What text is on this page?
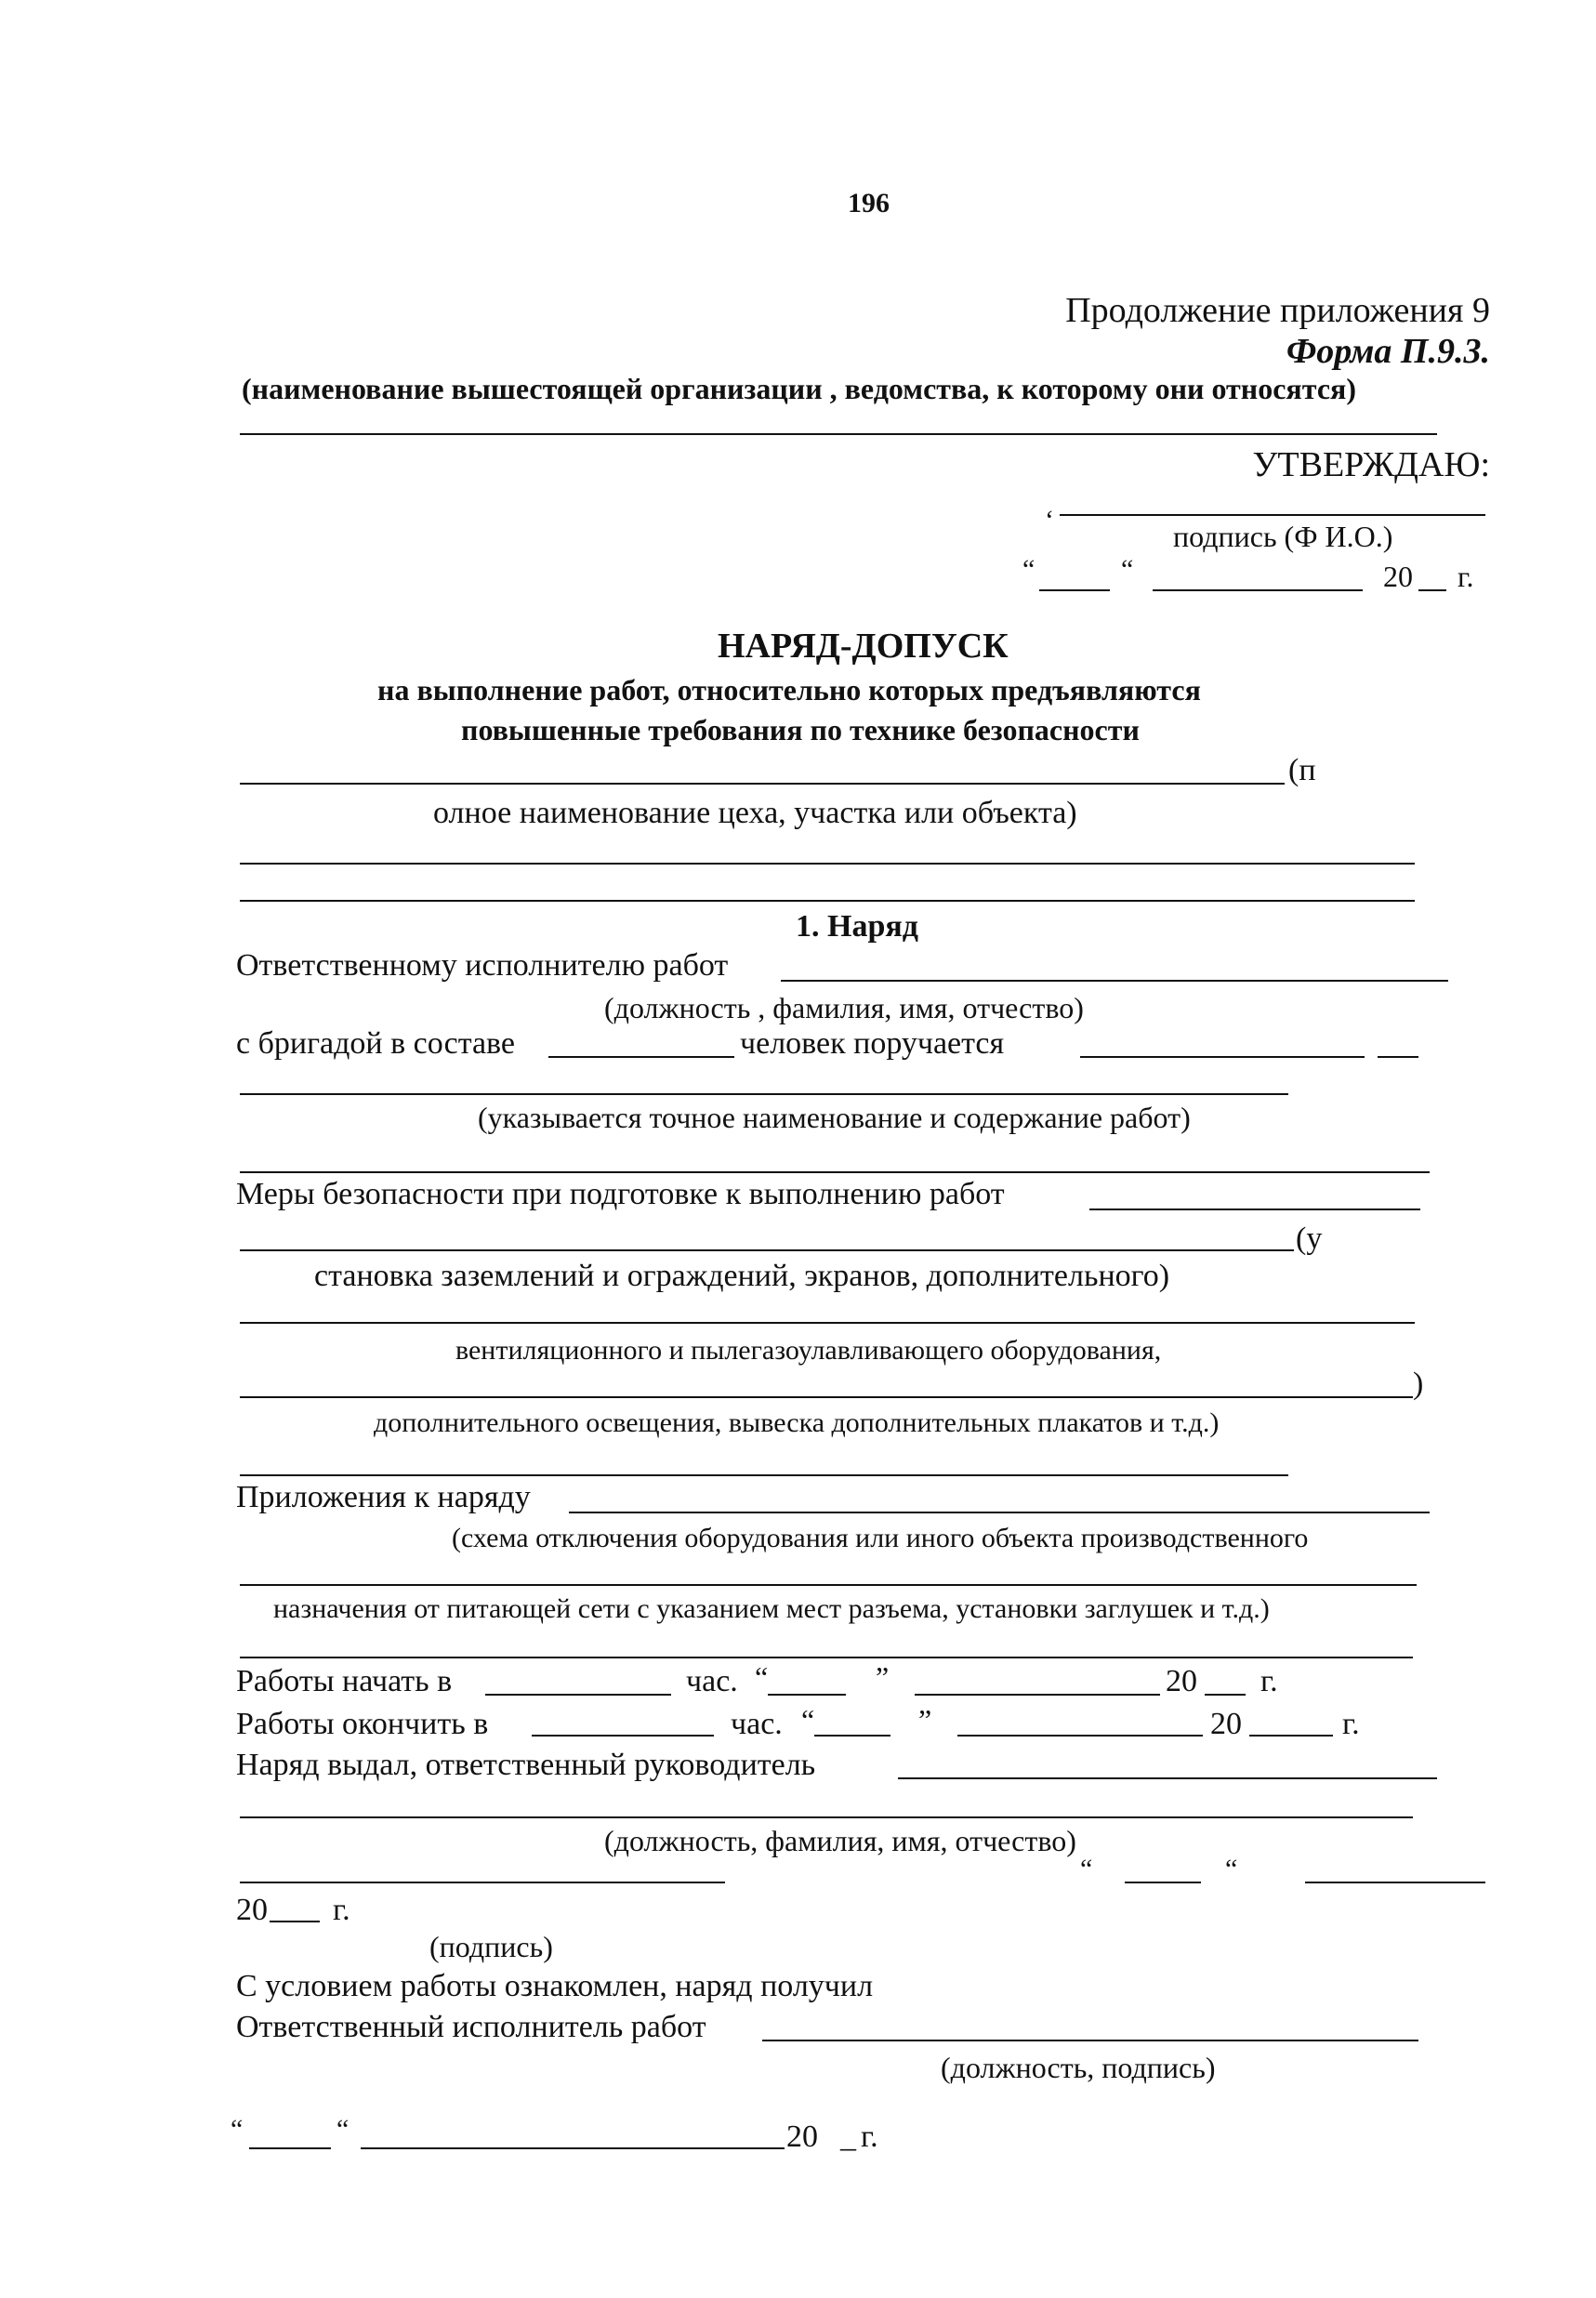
196
Продолжение приложения 9
Форма П.9.3.
(наименование вышестоящей организации , ведомства, к которому они относятся)
УТВЕРЖДАЮ:
‘	подпись (Ф И.О.)
“	“	20 г.
НАРЯД-ДОПУСК
на выполнение работ, относительно которых предъявляются
повышенные требования по технике безопасности
(п
олное наименование цеха, участка или объекта)
1. Наряд
Ответственному исполнителю работ
(должность , фамилия, имя, отчество)
с бригадой в составе	человек поручается
(указывается точное наименование и содержание работ)
Меры безопасности при подготовке к выполнению работ
(у
становка заземлений и ограждений, экранов, дополнительного)
вентиляционного и пылегазоулавливающего оборудования,
)
дополнительного освещения, вывеска дополнительных плакатов и т.д.)
Приложения к наряду
(схема отключения оборудования или иного объекта производственного
назначения от питающей сети с указанием мест разъема, установки заглушек и т.д.)
Работы начать в	час. “	”	20 г.
Работы окончить в	час. “	”	20	г.
Наряд выдал, ответственный руководитель
(должность, фамилия, имя, отчество)
“	“
20 г.
(подпись)
С условием работы ознакомлен, наряд получил
Ответственный исполнитель работ
(должность, подпись)
“	“	20 _ г.
